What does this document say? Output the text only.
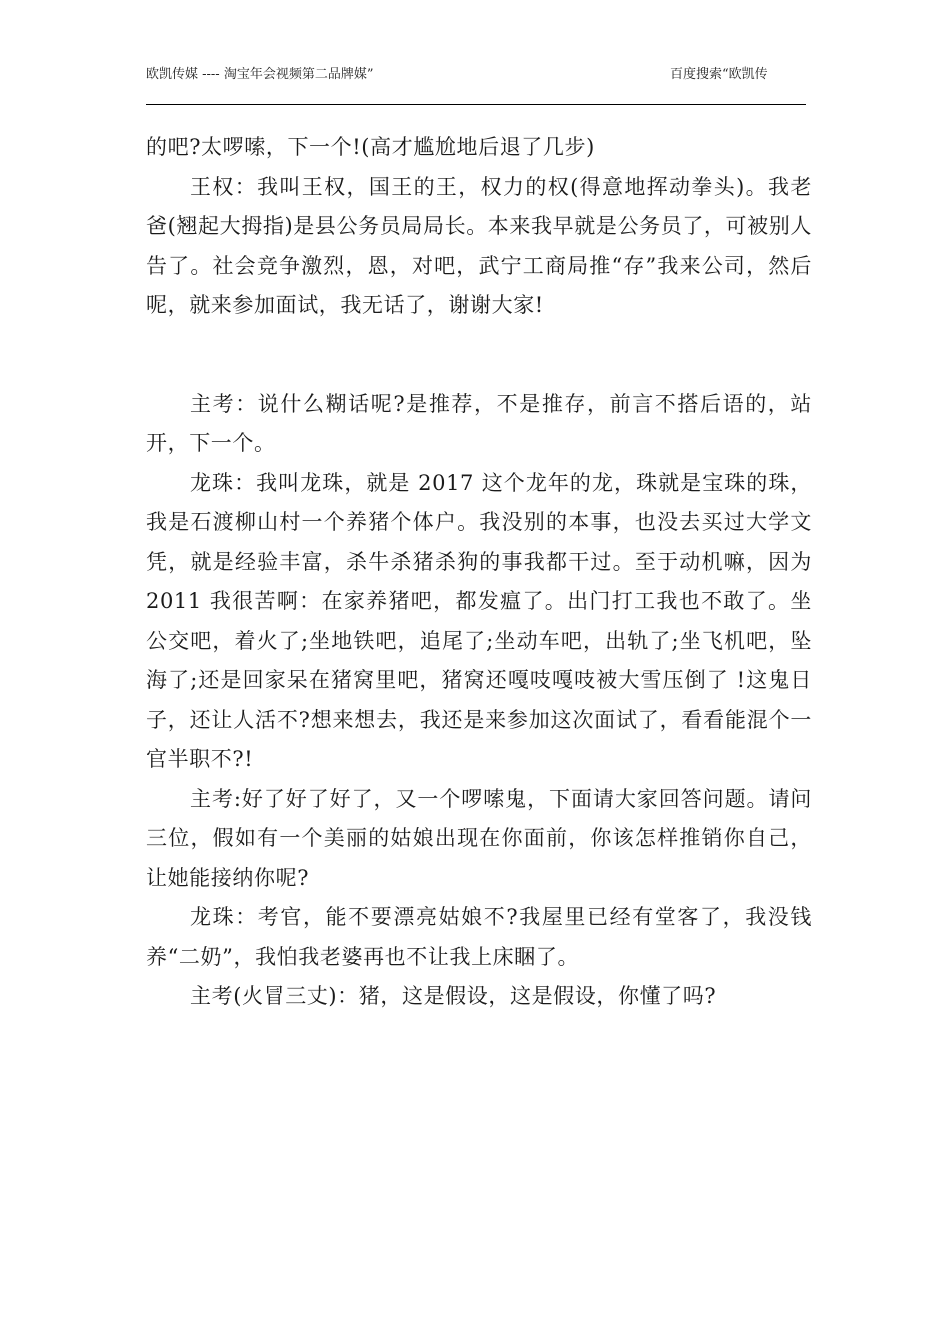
欧凯传媒 ---- 淘宝年会视频第二品牌媒”	百度搜索“欧凯传

的吧?太啰嗦，下一个!(高才尴尬地后退了几步)

王权：我叫王权，国王的王，权力的权(得意地挥动拳头)。我老爸(翘起大拇指)是县公务员局局长。本来我早就是公务员了，可被别人告了。社会竞争激烈，恩，对吧，武宁工商局推“存”我来公司，然后呢，就来参加面试，我无话了，谢谢大家!

主考：说什么糊话呢?是推荐，不是推存，前言不搭后语的，站开，下一个。

龙珠：我叫龙珠，就是 2017 这个龙年的龙，珠就是宝珠的珠，我是石渡柳山村一个养猪个体户。我没别的本事，也没去买过大学文凭，就是经验丰富，杀牛杀猪杀狗的事我都干过。至于动机嘛，因为 2011 我很苦啊：在家养猪吧，都发瘟了。出门打工我也不敢了。坐公交吧，着火了;坐地铁吧，追尾了;坐动车吧，出轨了;坐飞机吧，坠海了;还是回家呆在猪窝里吧，猪窝还嘎吱嘎吱被大雪压倒了 !这鬼日子，还让人活不?想来想去，我还是来参加这次面试了，看看能混个一官半职不?!

主考:好了好了好了，又一个啰嗦鬼，下面请大家回答问题。请问三位，假如有一个美丽的姑娘出现在你面前，你该怎样推销你自己，让她能接纳你呢?

龙珠：考官，能不要漂亮姑娘不?我屋里已经有堂客了，我没钱养“二奶”，我怕我老婆再也不让我上床睏了。

主考(火冒三丈)：猪，这是假设，这是假设，你懂了吗?
